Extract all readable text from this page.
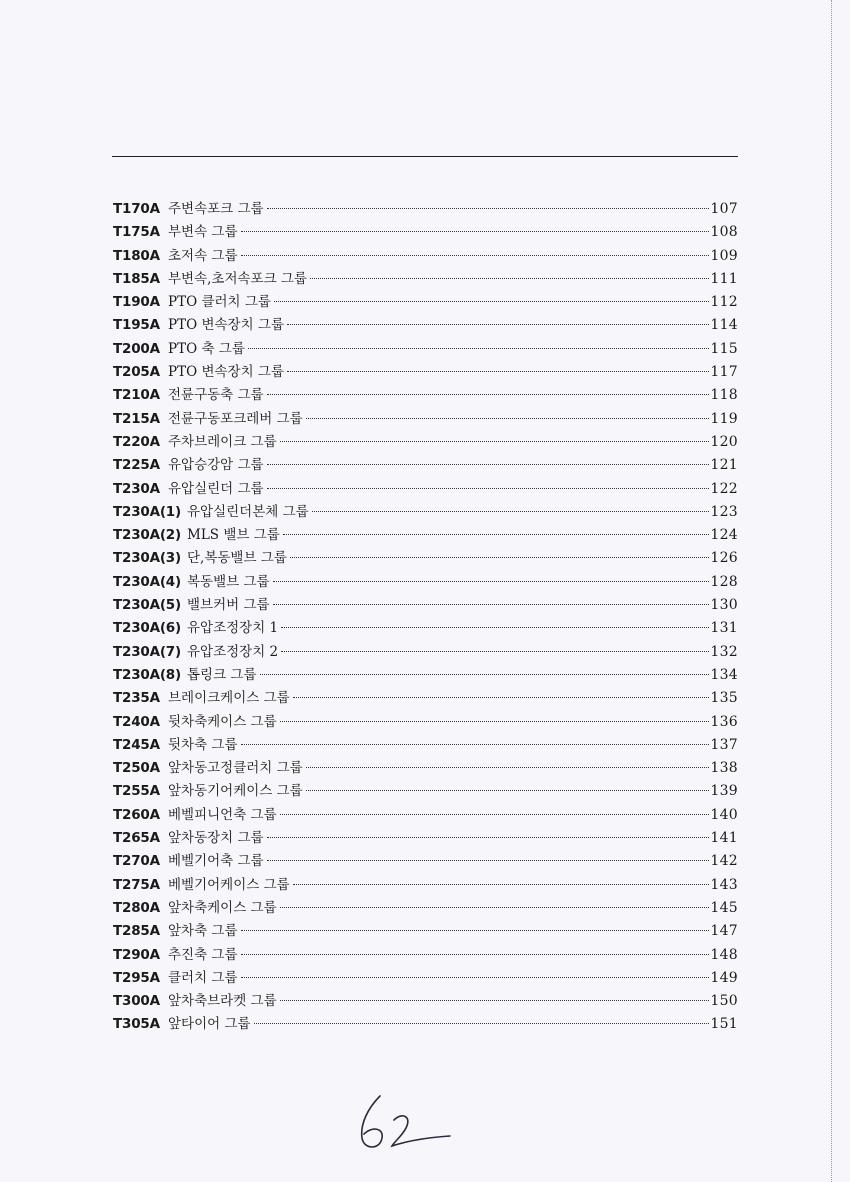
T170A 주변속포크 그룹	107
T175A 부변속 그룹	108
T180A 초저속 그룹	109
T185A 부변속,초저속포크 그룹	111
T190A PTO 클러치 그룹	112
T195A PTO 변속장치 그룹	114
T200A PTO 축 그룹	115
T205A PTO 변속장치 그룹	117
T210A 전륜구동축 그룹	118
T215A 전륜구동포크레버 그룹	119
T220A 주차브레이크 그룹	120
T225A 유압승강암 그룹	121
T230A 유압실린더 그룹	122
T230A(1) 유압실린더본체 그룹	123
T230A(2) MLS 밸브 그룹	124
T230A(3) 단,복동밸브 그룹	126
T230A(4) 복동밸브 그룹	128
T230A(5) 밸브커버 그룹	130
T230A(6) 유압조정장치 1	131
T230A(7) 유압조정장치 2	132
T230A(8) 톱링크 그룹	134
T235A 브레이크케이스 그룹	135
T240A 뒷차축케이스 그룹	136
T245A 뒷차축 그룹	137
T250A 앞차동고정클러치 그룹	138
T255A 앞차동기어케이스 그룹	139
T260A 베벨피니언축 그룹	140
T265A 앞차동장치 그룹	141
T270A 베벨기어축 그룹	142
T275A 베벨기어케이스 그룹	143
T280A 앞차축케이스 그룹	145
T285A 앞차축 그룹	147
T290A 추진축 그룹	148
T295A 클러치 그룹	149
T300A 앞차축브라켓 그룹	150
T305A 앞타이어 그룹	151
